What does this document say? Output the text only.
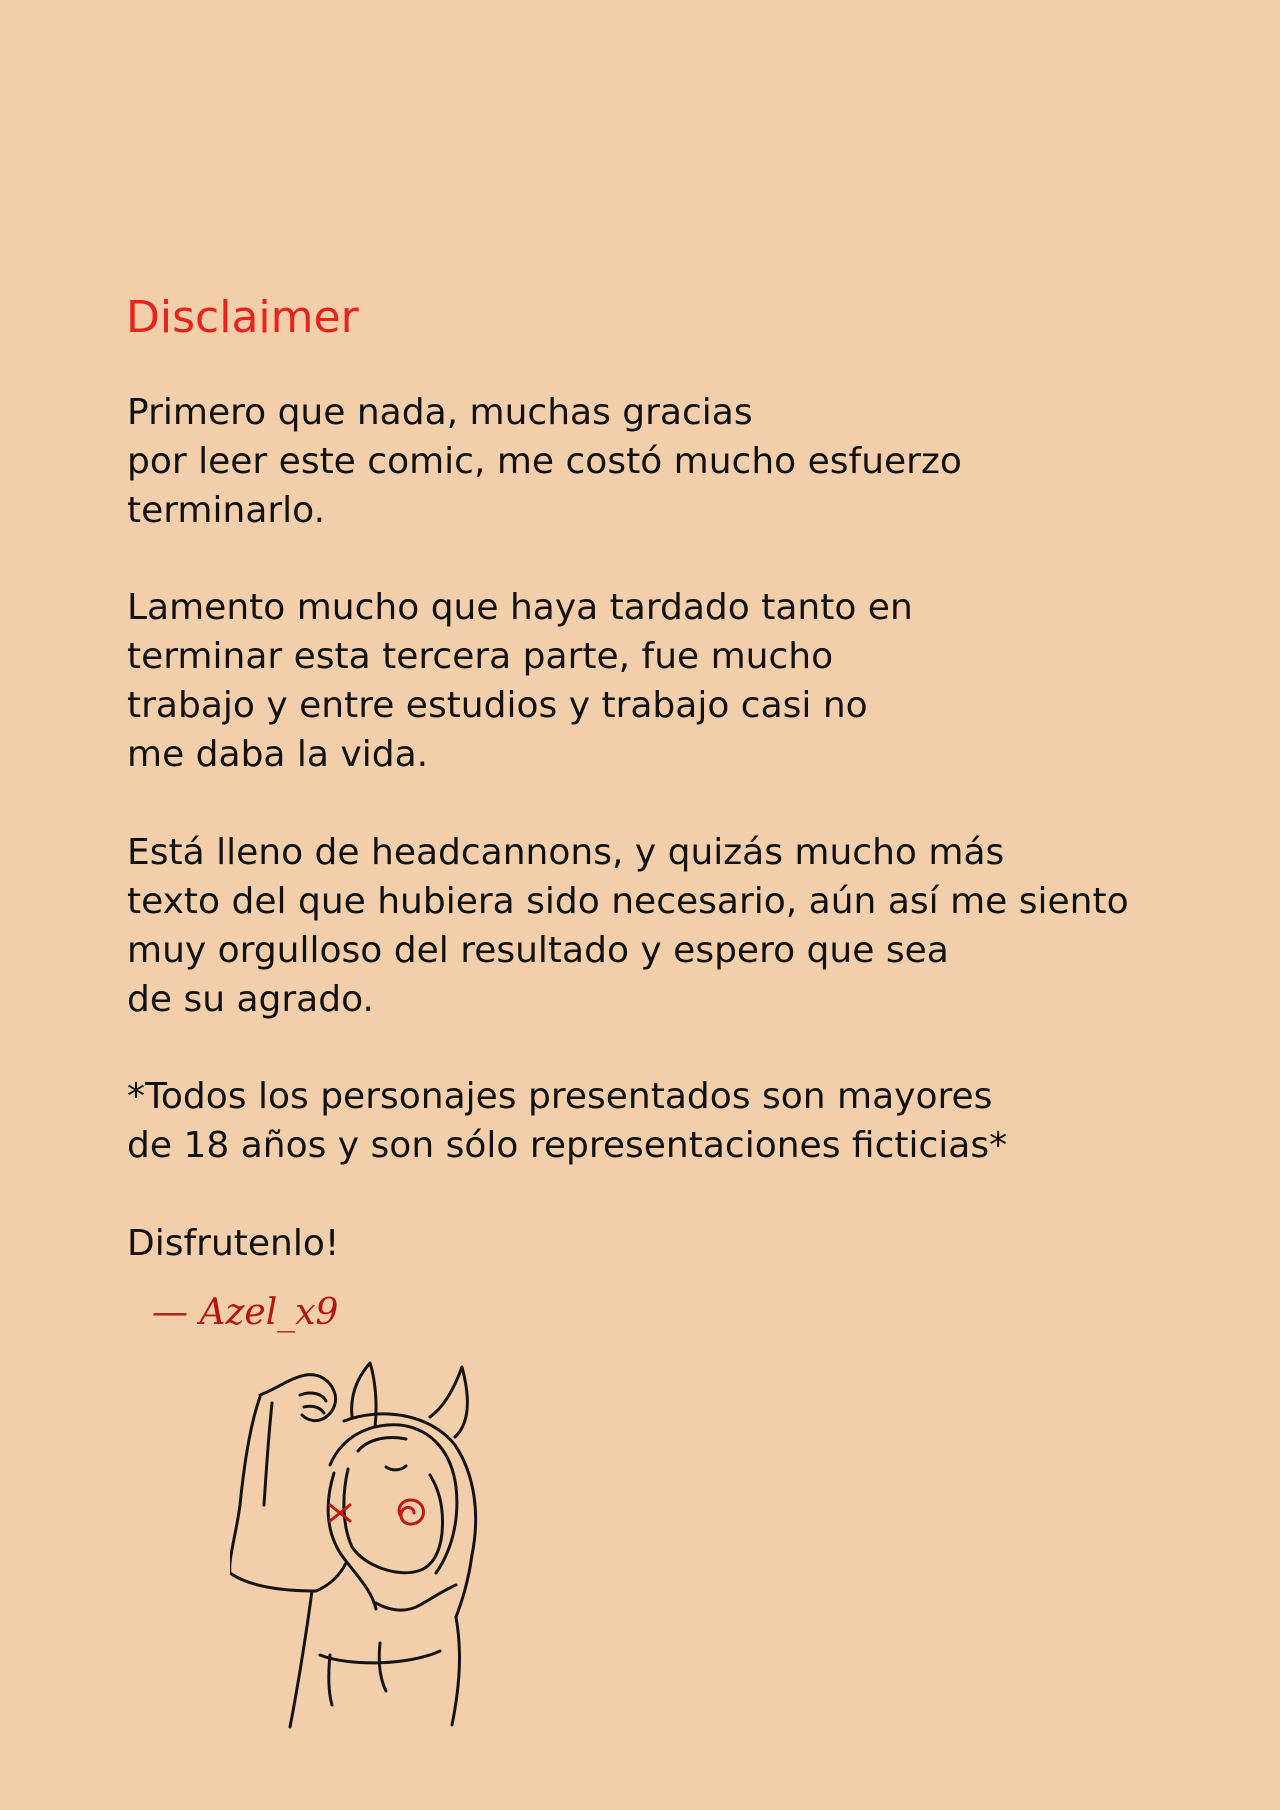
Disclaimer

Primero que nada, muchas gracias
por leer este comic, me costó mucho esfuerzo
terminarlo.

Lamento mucho que haya tardado tanto en
terminar esta tercera parte, fue mucho
trabajo y entre estudios y trabajo casi no
me daba la vida.

Está lleno de headcannons, y quizás mucho más
texto del que hubiera sido necesario, aún así me siento
muy orgulloso del resultado y espero que sea
de su agrado.

*Todos los personajes presentados son mayores
de 18 años y son sólo representaciones ficticias*

Disfrutenlo!

— Azel_x9
